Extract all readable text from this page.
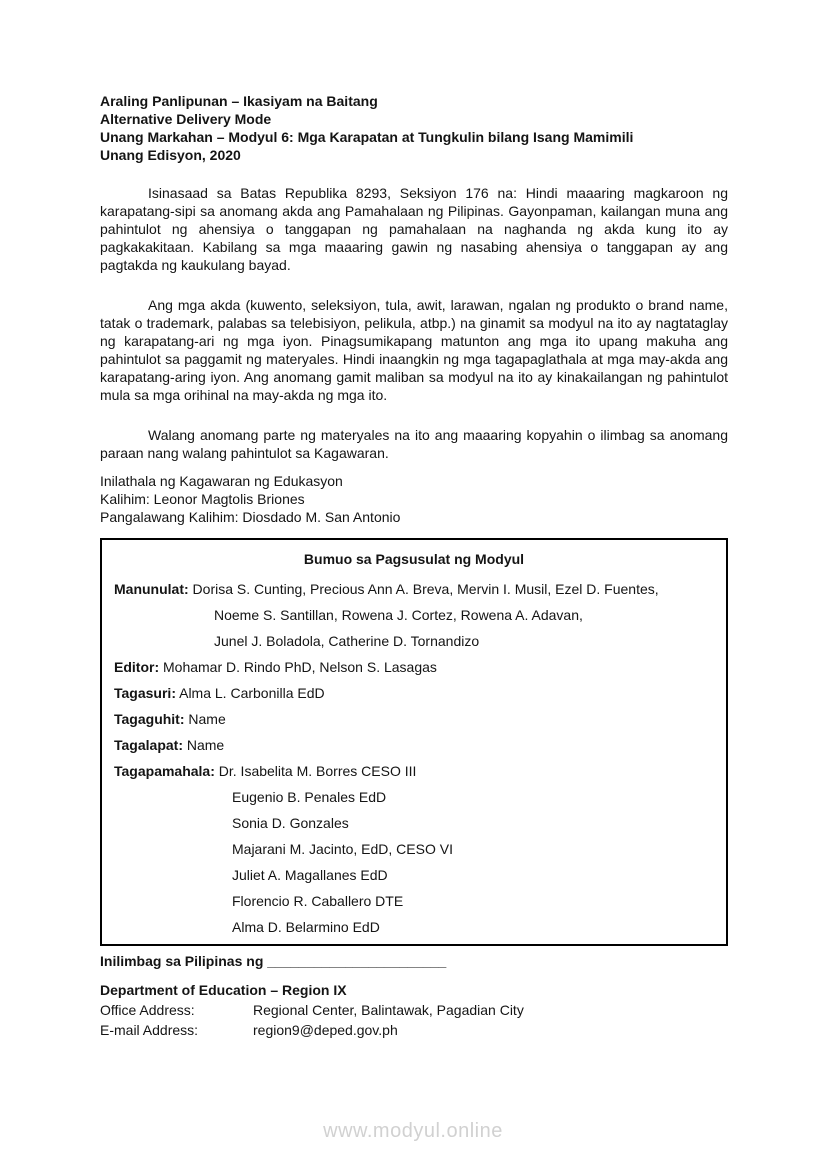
Araling Panlipunan – Ikasiyam na Baitang
Alternative Delivery Mode
Unang Markahan – Modyul 6: Mga Karapatan at Tungkulin bilang Isang Mamimili
Unang Edisyon, 2020

Isinasaad sa Batas Republika 8293, Seksiyon 176 na: Hindi maaaring magkaroon ng karapatang-sipi sa anomang akda ang Pamahalaan ng Pilipinas. Gayonpaman, kailangan muna ang pahintulot ng ahensiya o tanggapan ng pamahalaan na naghanda ng akda kung ito ay pagkakakitaan. Kabilang sa mga maaaring gawin ng nasabing ahensiya o tanggapan ay ang pagtakda ng kaukulang bayad.

Ang mga akda (kuwento, seleksiyon, tula, awit, larawan, ngalan ng produkto o brand name, tatak o trademark, palabas sa telebisiyon, pelikula, atbp.) na ginamit sa modyul na ito ay nagtataglay ng karapatang-ari ng mga iyon. Pinagsumikapang matunton ang mga ito upang makuha ang pahintulot sa paggamit ng materyales. Hindi inaangkin ng mga tagapaglathala at mga may-akda ang karapatang-aring iyon. Ang anomang gamit maliban sa modyul na ito ay kinakailangan ng pahintulot mula sa mga orihinal na may-akda ng mga ito.

Walang anomang parte ng materyales na ito ang maaaring kopyahin o ilimbag sa anomang paraan nang walang pahintulot sa Kagawaran.

Inilathala ng Kagawaran ng Edukasyon
Kalihim: Leonor Magtolis Briones
Pangalawang Kalihim: Diosdado M. San Antonio
Bumuo sa Pagsusulat ng Modyul
Manunulat: Dorisa S. Cunting, Precious Ann A. Breva, Mervin I. Musil, Ezel D. Fuentes,
Noeme S. Santillan, Rowena J. Cortez, Rowena A. Adavan,
Junel J. Boladola, Catherine D. Tornandizo
Editor: Mohamar D. Rindo PhD, Nelson S. Lasagas
Tagasuri: Alma L. Carbonilla EdD
Tagaguhit: Name
Tagalapat: Name
Tagapamahala: Dr. Isabelita M. Borres CESO III
Eugenio B. Penales EdD
Sonia D. Gonzales
Majarani M. Jacinto, EdD, CESO VI
Juliet A. Magallanes EdD
Florencio R. Caballero DTE
Alma D. Belarmino EdD
Inilimbag sa Pilipinas ng _______________________
Department of Education – Region IX
Office Address:	Regional Center, Balintawak, Pagadian City
E-mail Address:	region9@deped.gov.ph
www.modyul.online
